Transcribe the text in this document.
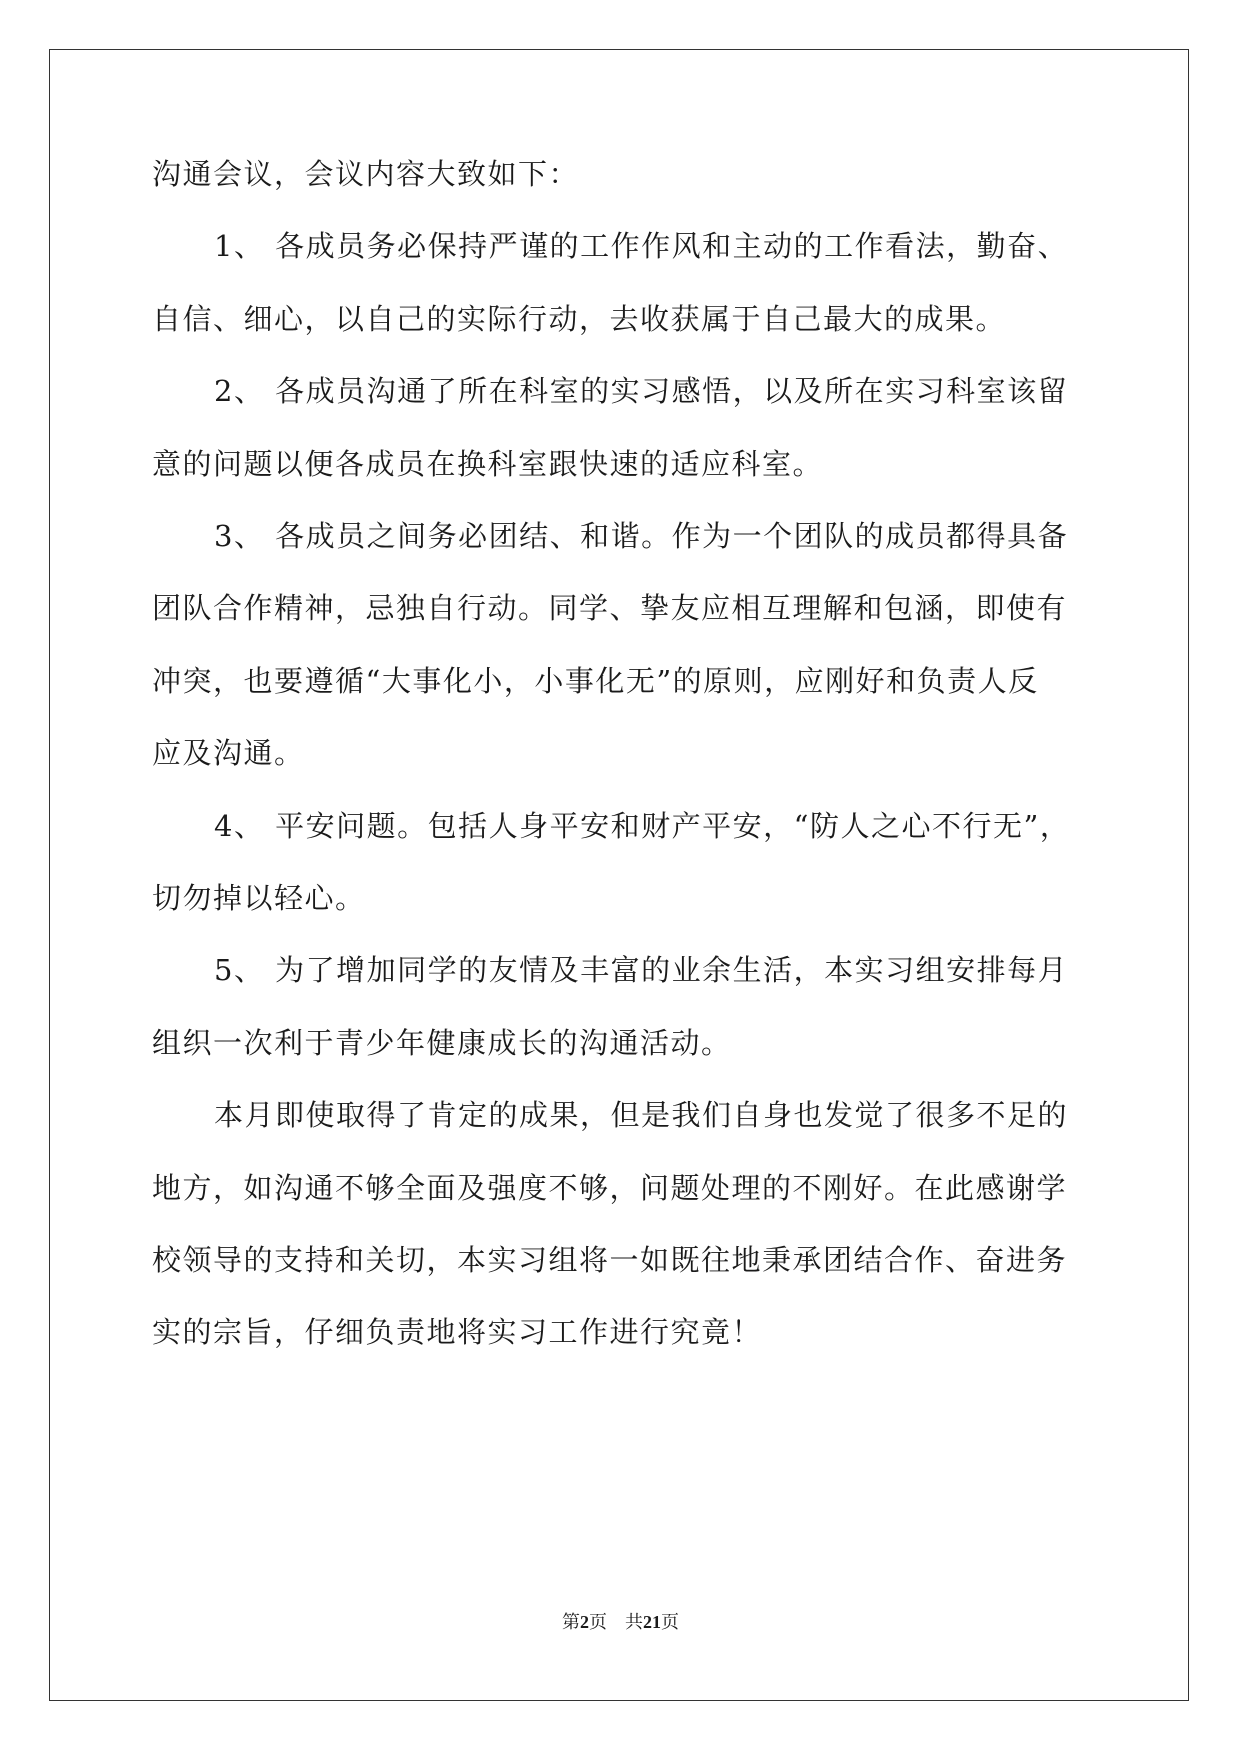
沟通会议，会议内容大致如下：
1、 各成员务必保持严谨的工作作风和主动的工作看法，勤奋、
自信、细心，以自己的实际行动，去收获属于自己最大的成果。
2、 各成员沟通了所在科室的实习感悟，以及所在实习科室该留
意的问题以便各成员在换科室跟快速的适应科室。
3、 各成员之间务必团结、和谐。作为一个团队的成员都得具备
团队合作精神，忌独自行动。同学、挚友应相互理解和包涵，即使有
冲突，也要遵循“大事化小，小事化无”的原则，应刚好和负责人反
应及沟通。
4、 平安问题。包括人身平安和财产平安，“防人之心不行无”，
切勿掉以轻心。
5、 为了增加同学的友情及丰富的业余生活，本实习组安排每月
组织一次利于青少年健康成长的沟通活动。
本月即使取得了肯定的成果，但是我们自身也发觉了很多不足的
地方，如沟通不够全面及强度不够，问题处理的不刚好。在此感谢学
校领导的支持和关切，本实习组将一如既往地秉承团结合作、奋进务
实的宗旨，仔细负责地将实习工作进行究竟！
第2页 共21页
